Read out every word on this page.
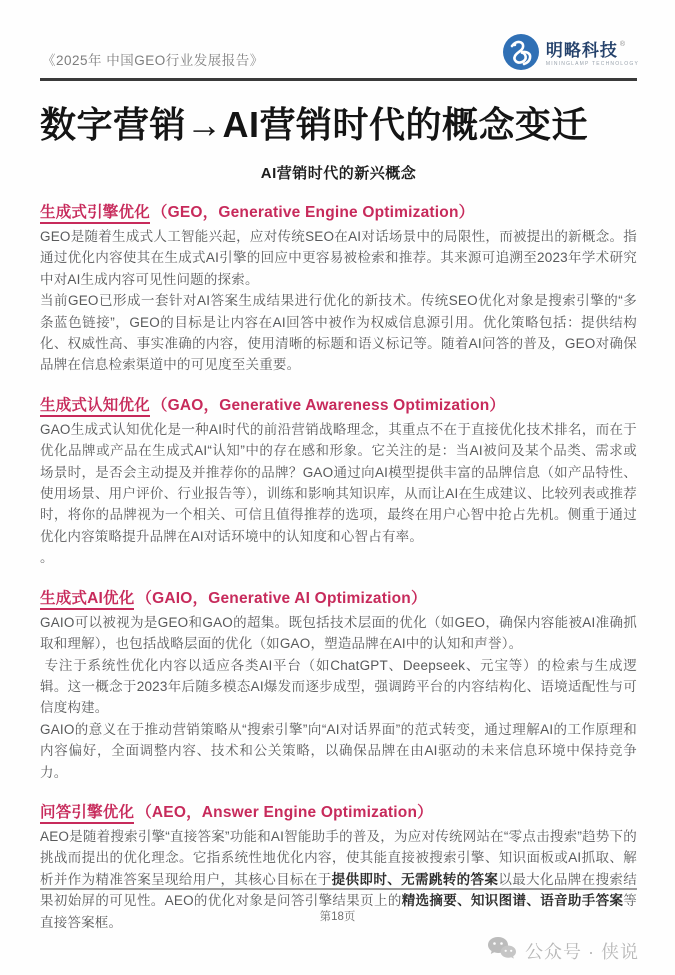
《2025年 中国GEO行业发展报告》
明略科技 ®
MININGLAMP TECHNOLOGY
数字营销→AI营销时代的概念变迁
AI营销时代的新兴概念
生成式引擎优化 （GEO，Generative Engine Optimization）

GEO是随着生成式人工智能兴起，应对传统SEO在AI对话场景中的局限性，而被提出的新概念。指通过优化内容使其在生成式AI引擎的回应中更容易被检索和推荐。其来源可追溯至2023年学术研究中对AI生成内容可见性问题的探索。

当前GEO已形成一套针对AI答案生成结果进行优化的新技术。传统SEO优化对象是搜索引擎的“多条蓝色链接”，GEO的目标是让内容在AI回答中被作为权威信息源引用。优化策略包括：提供结构化、权威性高、事实准确的内容，使用清晰的标题和语义标记等。随着AI问答的普及，GEO对确保品牌在信息检索渠道中的可见度至关重要。

生成式认知优化 （GAO，Generative Awareness Optimization）

GAO生成式认知优化是一种AI时代的前沿营销战略理念，其重点不在于直接优化技术排名，而在于优化品牌或产品在生成式AI“认知”中的存在感和形象。它关注的是：当AI被问及某个品类、需求或场景时，是否会主动提及并推荐你的品牌？GAO通过向AI模型提供丰富的品牌信息（如产品特性、使用场景、用户评价、行业报告等），训练和影响其知识库，从而让AI在生成建议、比较列表或推荐时，将你的品牌视为一个相关、可信且值得推荐的选项，最终在用户心智中抢占先机。侧重于通过优化内容策略提升品牌在AI对话环境中的认知度和心智占有率。

。

生成式AI优化 （GAIO，Generative AI Optimization）

GAIO可以被视为是GEO和GAO的超集。既包括技术层面的优化（如GEO，确保内容能被AI准确抓取和理解），也包括战略层面的优化（如GAO，塑造品牌在AI中的认知和声誉）。

专注于系统性优化内容以适应各类AI平台（如ChatGPT、Deepseek、元宝等）的检索与生成逻辑。这一概念于2023年后随多模态AI爆发而逐步成型，强调跨平台的内容结构化、语境适配性与可信度构建。

GAIO的意义在于推动营销策略从“搜索引擎”向“AI对话界面”的范式转变，通过理解AI的工作原理和内容偏好，全面调整内容、技术和公关策略，以确保品牌在由AI驱动的未来信息环境中保持竞争力。

问答引擎优化 （AEO，Answer Engine Optimization）

AEO是随着搜索引擎“直接答案”功能和AI智能助手的普及，为应对传统网站在“零点击搜索”趋势下的挑战而提出的优化理念。它指系统性地优化内容，使其能直接被搜索引擎、知识面板或AI抓取、解析并作为精准答案呈现给用户，其核心目标在于提供即时、无需跳转的答案以最大化品牌在搜索结果初始屏的可见性。AEO的优化对象是问答引擎结果页上的精选摘要、知识图谱、语音助手答案等直接答案框。	第18页
公众号 · 侠说
